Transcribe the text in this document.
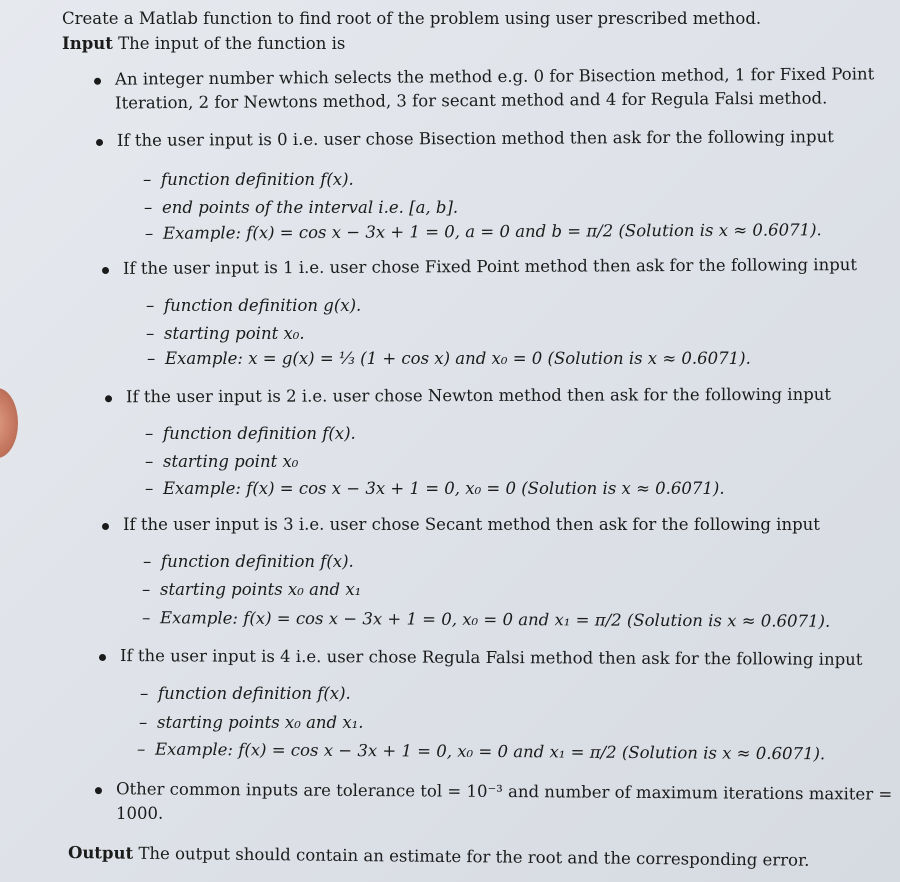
Create a Matlab function to find root of the problem using user prescribed method.
Input The input of the function is
An integer number which selects the method e.g. 0 for Bisection method, 1 for Fixed Point
Iteration, 2 for Newtons method, 3 for secant method and 4 for Regula Falsi method.
If the user input is 0 i.e. user chose Bisection method then ask for the following input
– function definition f(x).
– end points of the interval i.e. [a, b].
– Example: f(x) = cos x − 3x + 1 = 0, a = 0 and b = π/2 (Solution is x ≈ 0.6071).
If the user input is 1 i.e. user chose Fixed Point method then ask for the following input
– function definition g(x).
– starting point x₀.
– Example: x = g(x) = ⅓ (1 + cos x) and x₀ = 0 (Solution is x ≈ 0.6071).
If the user input is 2 i.e. user chose Newton method then ask for the following input
– function definition f(x).
– starting point x₀
– Example: f(x) = cos x − 3x + 1 = 0, x₀ = 0 (Solution is x ≈ 0.6071).
If the user input is 3 i.e. user chose Secant method then ask for the following input
– function definition f(x).
– starting points x₀ and x₁
– Example: f(x) = cos x − 3x + 1 = 0, x₀ = 0 and x₁ = π/2 (Solution is x ≈ 0.6071).
If the user input is 4 i.e. user chose Regula Falsi method then ask for the following input
– function definition f(x).
– starting points x₀ and x₁.
– Example: f(x) = cos x − 3x + 1 = 0, x₀ = 0 and x₁ = π/2 (Solution is x ≈ 0.6071).
Other common inputs are tolerance tol = 10⁻³ and number of maximum iterations maxiter =
1000.
Output The output should contain an estimate for the root and the corresponding error.
